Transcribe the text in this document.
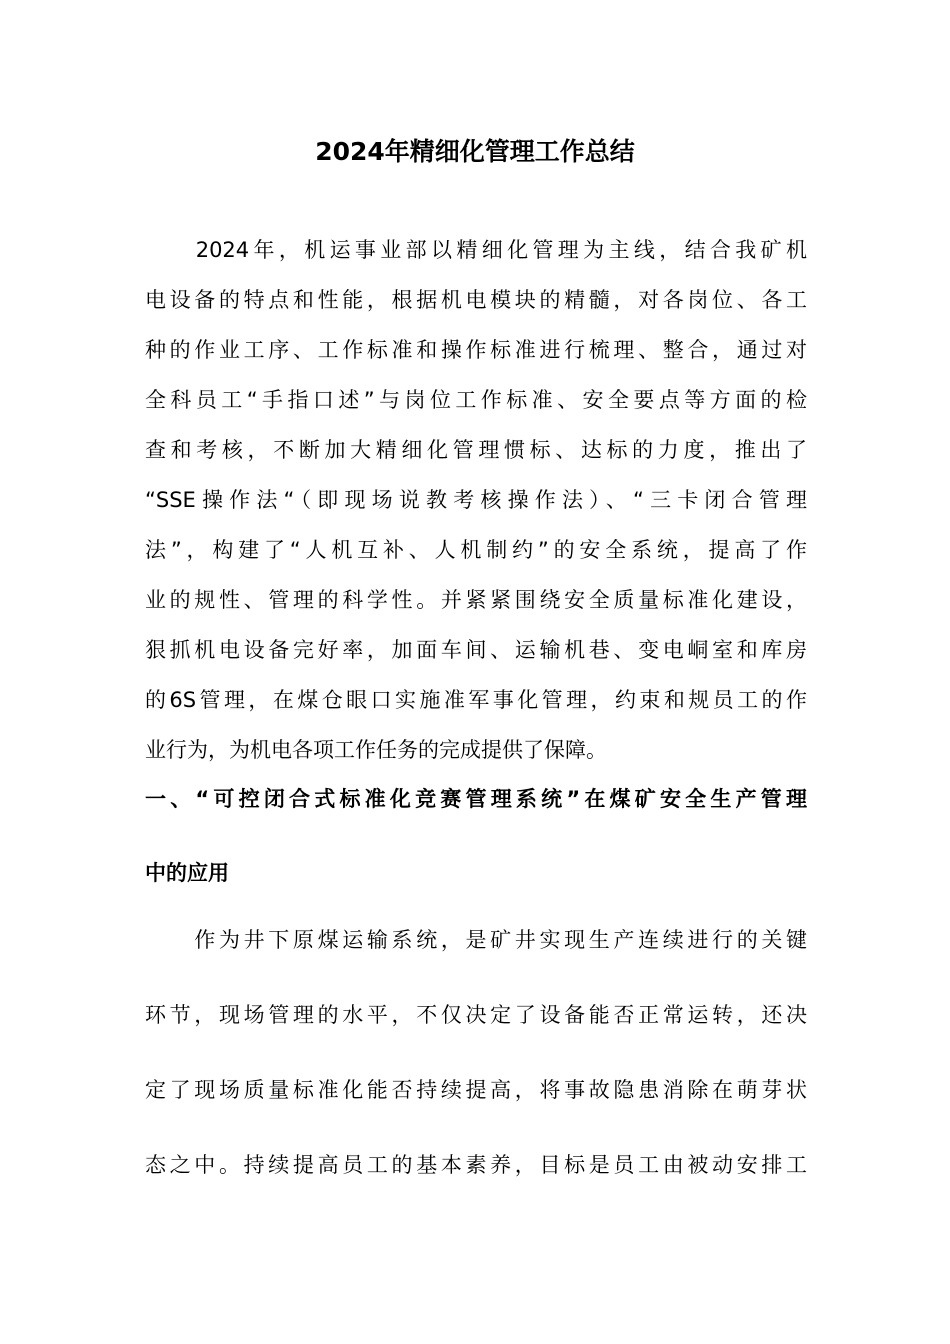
2024年精细化管理工作总结
　　2024年，机运事业部以精细化管理为主线，结合我矿机
电设备的特点和性能，根据机电模块的精髓，对各岗位、各工
种的作业工序、工作标准和操作标准进行梳理、整合，通过对
全科员工“手指口述”与岗位工作标准、安全要点等方面的检
查和考核，不断加大精细化管理惯标、达标的力度，推出了
“SSE操作法“（即现场说教考核操作法）、“三卡闭合管理
法”，构建了“人机互补、人机制约”的安全系统，提高了作
业的规性、管理的科学性。并紧紧围绕安全质量标准化建设，
狠抓机电设备完好率，加面车间、运输机巷、变电峒室和库房
的6S管理，在煤仓眼口实施准军事化管理，约束和规员工的作
业行为，为机电各项工作任务的完成提供了保障。
一、“可控闭合式标准化竞赛管理系统”在煤矿安全生产管理
中的应用
　　作为井下原煤运输系统，是矿井实现生产连续进行的关键
环节，现场管理的水平，不仅决定了设备能否正常运转，还决
定了现场质量标准化能否持续提高，将事故隐患消除在萌芽状
态之中。持续提高员工的基本素养，目标是员工由被动安排工
